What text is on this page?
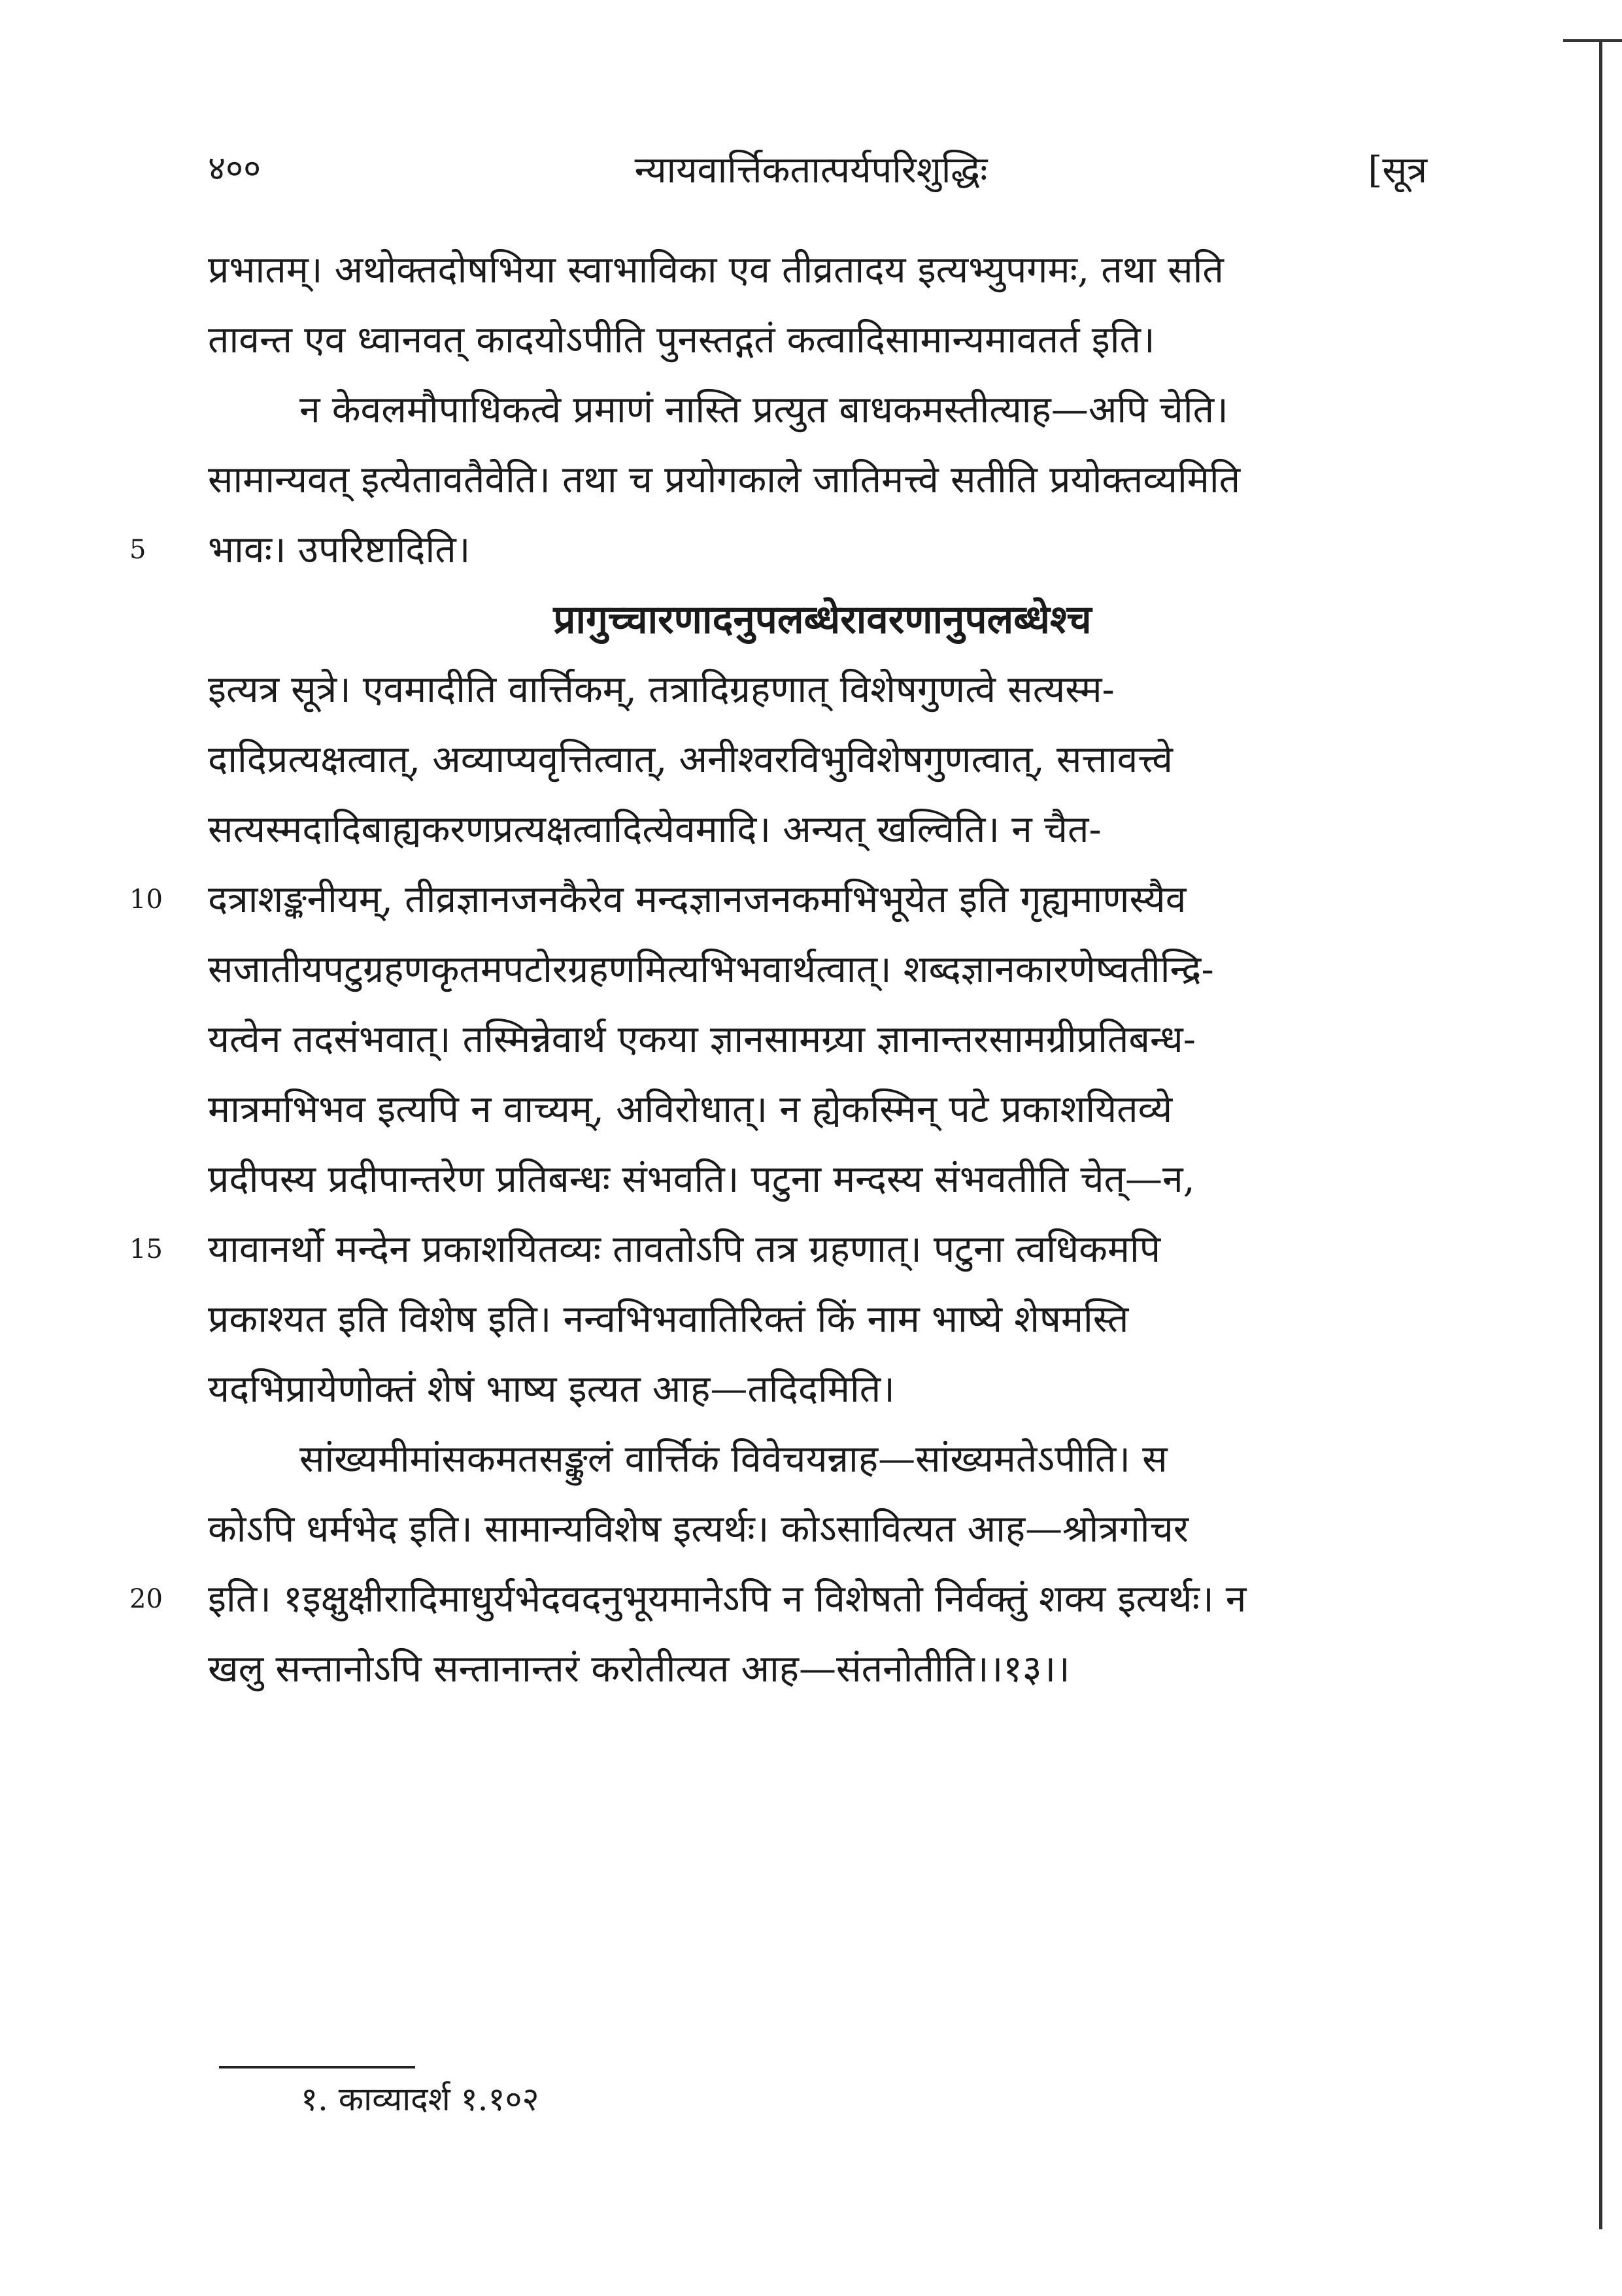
४००	न्यायवार्त्तिकतात्पर्यपरिशुद्धिः	[सूत्र
प्रभातम्। अथोक्तदोषभिया स्वाभाविका एव तीव्रतादय इत्यभ्युपगमः, तथा सति
तावन्त एव ध्वानवत् कादयोऽपीति पुनस्तद्गतं कत्वादिसामान्यमावतर्त इति।
न केवलमौपाधिकत्वे प्रमाणं नास्ति प्रत्युत बाधकमस्तीत्याह—अपि चेति।
सामान्यवत् इत्येतावतैवेति। तथा च प्रयोगकाले जातिमत्त्वे सतीति प्रयोक्तव्यमिति
5 भावः। उपरिष्टादिति।
प्रागुच्चारणादनुपलब्धेरावरणानुपलब्धेश्च
इत्यत्र सूत्रे। एवमादीति वार्त्तिकम्, तत्रादिग्रहणात् विशेषगुणत्वे सत्यस्म-
दादिप्रत्यक्षत्वात्, अव्याप्यवृत्तित्वात्, अनीश्वरविभुविशेषगुणत्वात्, सत्तावत्त्वे
सत्यस्मदादिबाह्यकरणप्रत्यक्षत्वादित्येवमादि। अन्यत् खल्विति। न चैत-
10 दत्राशङ्कनीयम्, तीव्रज्ञानजनकैरेव मन्दज्ञानजनकमभिभूयेत इति गृह्यमाणस्यैव
सजातीयपटुग्रहणकृतमपटोरग्रहणमित्यभिभवार्थत्वात्। शब्दज्ञानकारणेष्वतीन्द्रि-
यत्वेन तदसंभवात्। तस्मिन्नेवार्थ एकया ज्ञानसामग्र्या ज्ञानान्तरसामग्रीप्रतिबन्ध-
मात्रमभिभव इत्यपि न वाच्यम्, अविरोधात्। न ह्येकस्मिन् पटे प्रकाशयितव्ये
प्रदीपस्य प्रदीपान्तरेण प्रतिबन्धः संभवति। पटुना मन्दस्य संभवतीति चेत्—न,
15 यावानर्थो मन्देन प्रकाशयितव्यः तावतोऽपि तत्र ग्रहणात्। पटुना त्वधिकमपि
प्रकाश्यत इति विशेष इति। नन्वभिभवातिरिक्तं किं नाम भाष्ये शेषमस्ति
यदभिप्रायेणोक्तं शेषं भाष्य इत्यत आह—तदिदमिति।
सांख्यमीमांसकमतसङ्कुलं वार्त्तिकं विवेचयन्नाह—सांख्यमतेऽपीति। स
कोऽपि धर्मभेद इति। सामान्यविशेष इत्यर्थः। कोऽसावित्यत आह—श्रोत्रगोचर
20 इति। १इक्षुक्षीरादिमाधुर्यभेदवदनुभूयमानेऽपि न विशेषतो निर्वक्तुं शक्य इत्यर्थः। न
खलु सन्तानोऽपि सन्तानान्तरं करोतीत्यत आह—संतनोतीति।।१३।।
१. काव्यादर्श १.१०२
